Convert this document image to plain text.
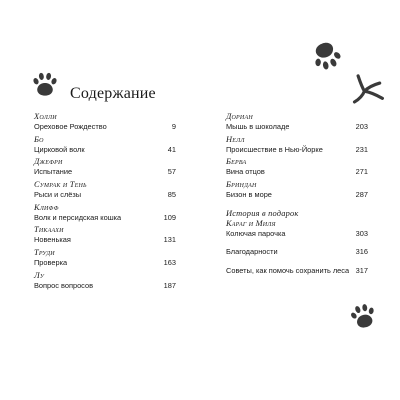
Содержание
Холли
Ореховое Рождество	9
Бо
Цирковой волк	41
Джефри
Испытание	57
Сумрак и Тень
Рыси и слёзы	85
Клифф
Волк и персидская кошка	109
Тикаахи
Новенькая	131
Труди
Проверка	163
Лу
Вопрос вопросов	187
Дориан
Мышь в шоколаде	203
Нелл
Происшествие в Нью-Йорке	231
Берва
Вина отцов	271
Бриндан
Бизон в море	287
История в подарок
Караг и Миля
Колючая парочка	303
Благодарности	316
Советы, как помочь сохранить леса 317
